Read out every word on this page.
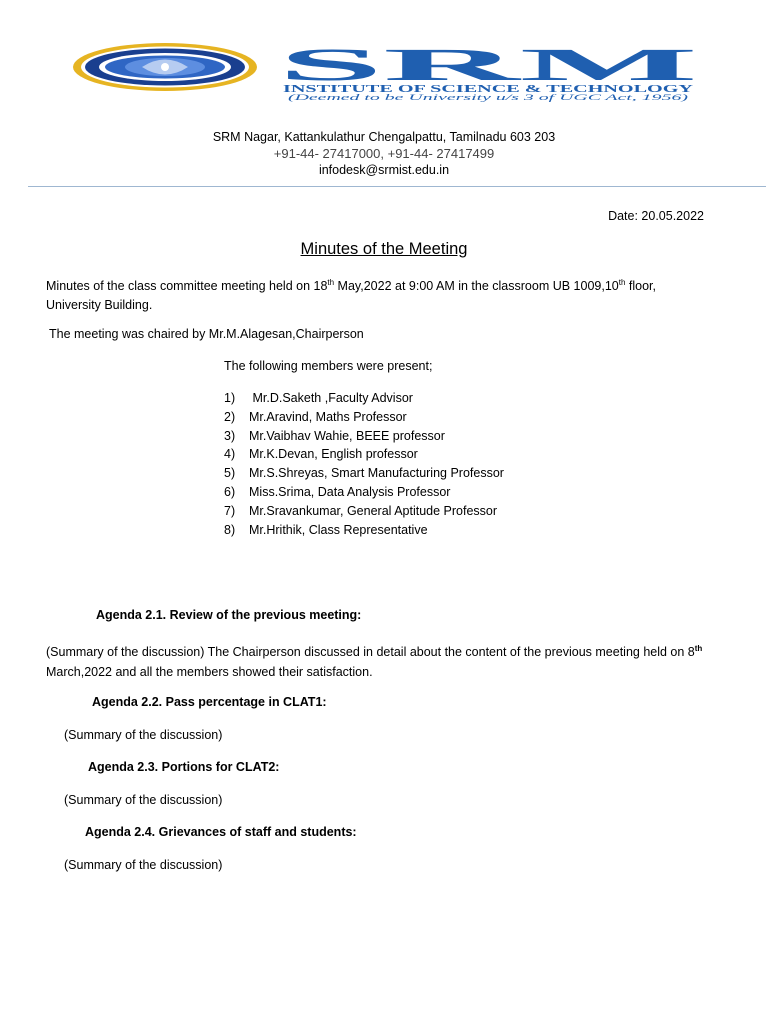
SRM
INSTITUTE OF SCIENCE & TECHNOLOGY
(Deemed to be University u/s 3 of UGC Act, 1956)
SRM Nagar, Kattankulathur Chengalpattu, Tamilnadu 603 203
+91-44- 27417000, +91-44- 27417499
infodesk@srmist.edu.in
Date: 20.05.2022
Minutes of the Meeting
Minutes of the class committee meeting held on 18th May,2022 at 9:00 AM in the classroom UB 1009,10th floor, University Building.
The meeting was chaired by Mr.M.Alagesan,Chairperson
The following members were present;
1) Mr.D.Saketh ,Faculty Advisor
2) Mr.Aravind, Maths Professor
3) Mr.Vaibhav Wahie, BEEE professor
4) Mr.K.Devan, English professor
5) Mr.S.Shreyas, Smart Manufacturing Professor
6) Miss.Srima, Data Analysis Professor
7) Mr.Sravankumar, General Aptitude Professor
8) Mr.Hrithik, Class Representative
Agenda 2.1. Review of the previous meeting:
(Summary of the discussion) The Chairperson discussed in detail about the content of the previous meeting held on 8th March,2022 and all the members showed their satisfaction.
Agenda 2.2. Pass percentage in CLAT1:
(Summary of the discussion)
Agenda 2.3. Portions for CLAT2:
(Summary of the discussion)
Agenda 2.4. Grievances of staff and students:
(Summary of the discussion)
